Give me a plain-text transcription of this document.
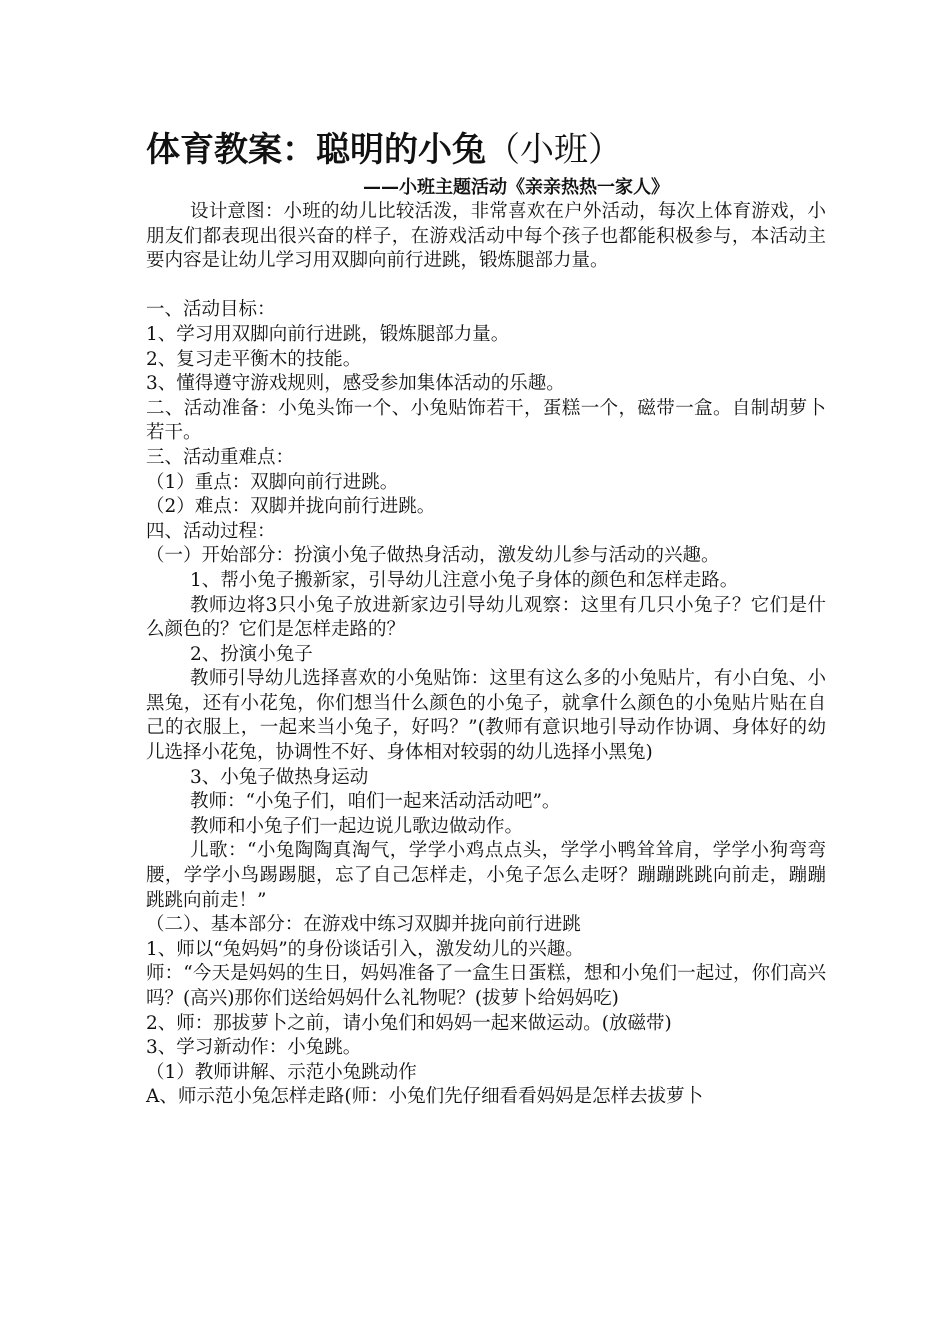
体育教案：聪明的小兔（小班）
——小班主题活动《亲亲热热一家人》

设计意图：小班的幼儿比较活泼，非常喜欢在户外活动，每次上体育游戏，小朋友们都表现出很兴奋的样子，在游戏活动中每个孩子也都能积极参与，本活动主要内容是让幼儿学习用双脚向前行进跳，锻炼腿部力量。

一、活动目标：

1、学习用双脚向前行进跳，锻炼腿部力量。

2、复习走平衡木的技能。

3、懂得遵守游戏规则，感受参加集体活动的乐趣。

二、活动准备：小兔头饰一个、小兔贴饰若干，蛋糕一个，磁带一盒。自制胡萝卜若干。

三、活动重难点：

（1）重点：双脚向前行进跳。

（2）难点：双脚并拢向前行进跳。

四、活动过程：

（一）开始部分：扮演小兔子做热身活动，激发幼儿参与活动的兴趣。

1、帮小兔子搬新家，引导幼儿注意小兔子身体的颜色和怎样走路。

教师边将3只小兔子放进新家边引导幼儿观察：这里有几只小兔子？它们是什么颜色的？它们是怎样走路的？

2、扮演小兔子

教师引导幼儿选择喜欢的小兔贴饰：这里有这么多的小兔贴片，有小白兔、小黑兔，还有小花兔，你们想当什么颜色的小兔子，就拿什么颜色的小兔贴片贴在自己的衣服上，一起来当小兔子，好吗？”(教师有意识地引导动作协调、身体好的幼儿选择小花兔，协调性不好、身体相对较弱的幼儿选择小黑兔)

3、小兔子做热身运动

教师：“小兔子们，咱们一起来活动活动吧”。

教师和小兔子们一起边说儿歌边做动作。

儿歌：“小兔陶陶真淘气，学学小鸡点点头，学学小鸭耸耸肩，学学小狗弯弯腰，学学小鸟踢踢腿，忘了自己怎样走，小兔子怎么走呀？蹦蹦跳跳向前走，蹦蹦跳跳向前走！”

（二）、基本部分：在游戏中练习双脚并拢向前行进跳

1、师以“兔妈妈”的身份谈话引入，激发幼儿的兴趣。

师：“今天是妈妈的生日，妈妈准备了一盒生日蛋糕，想和小兔们一起过，你们高兴吗？(高兴)那你们送给妈妈什么礼物呢？(拔萝卜给妈妈吃)

2、师：那拔萝卜之前，请小兔们和妈妈一起来做运动。(放磁带)

3、学习新动作：小兔跳。

（1）教师讲解、示范小兔跳动作

A、师示范小兔怎样走路(师：小兔们先仔细看看妈妈是怎样去拔萝卜
